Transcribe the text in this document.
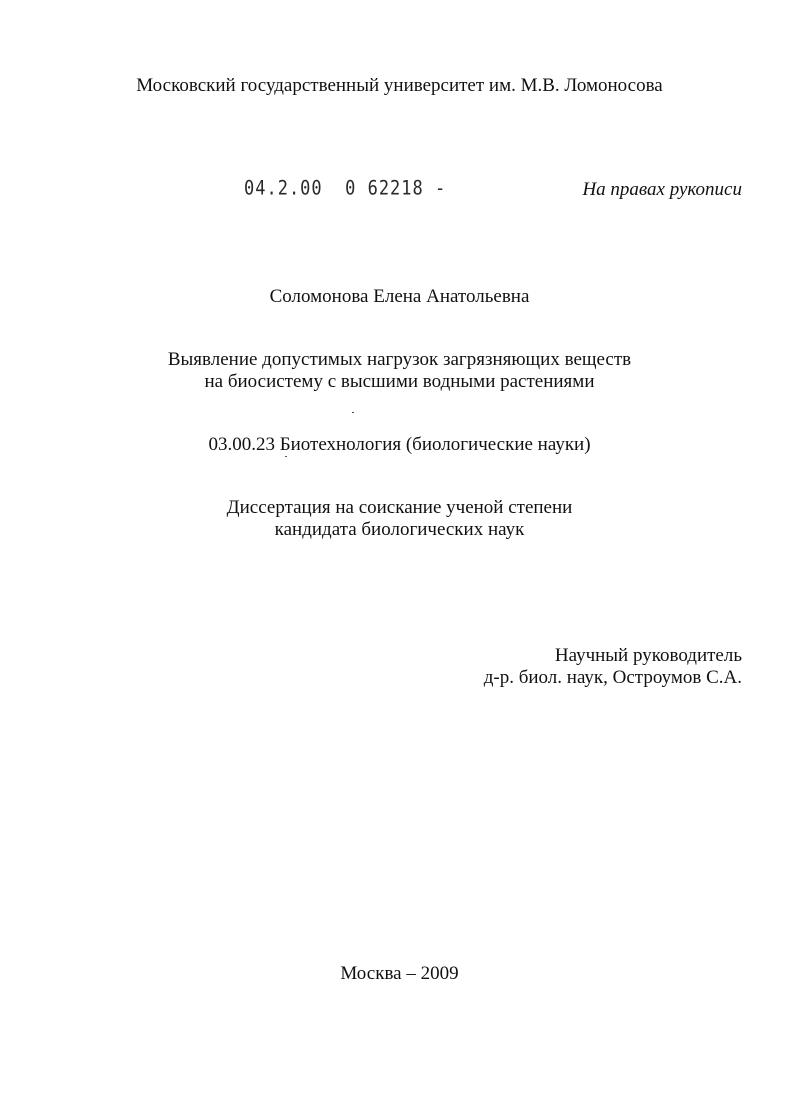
Московский государственный университет им. М.В. Ломоносова
04.2.00  0 62218 -	На правах рукописи
Соломонова Елена Анатольевна
Выявление допустимых нагрузок загрязняющих веществ
на биосистему с высшими водными растениями
03.00.23 Биотехнология (биологические науки)
Диссертация на соискание ученой степени
кандидата биологических наук
Научный руководитель
д-р. биол. наук, Остроумов С.А.
Москва – 2009
